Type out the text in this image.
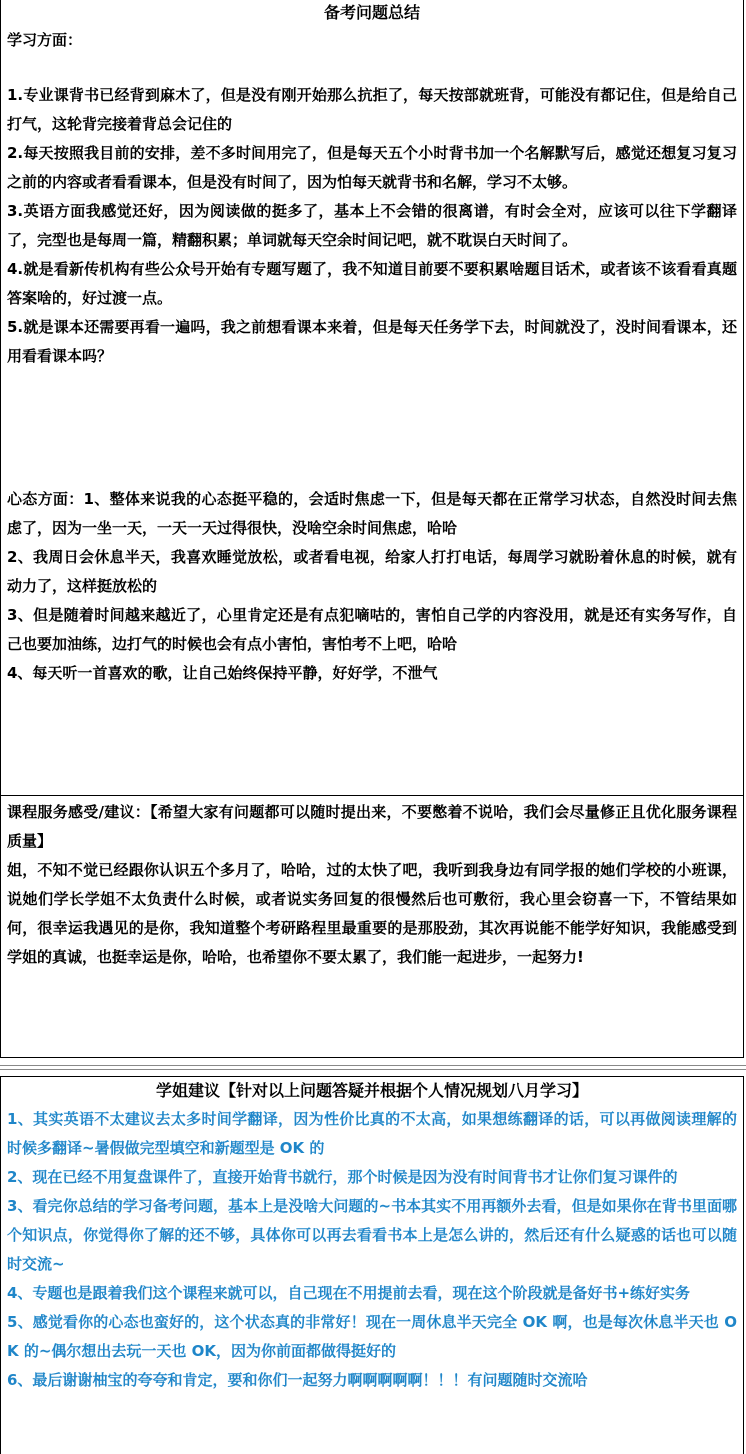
备考问题总结

学习方面：

1.专业课背书已经背到麻木了，但是没有刚开始那么抗拒了，每天按部就班背，可能没有都记住，但是给自己打气，这轮背完接着背总会记住的

2.每天按照我目前的安排，差不多时间用完了，但是每天五个小时背书加一个名解默写后，感觉还想复习复习之前的内容或者看看课本，但是没有时间了，因为怕每天就背书和名解，学习不太够。

3.英语方面我感觉还好，因为阅读做的挺多了，基本上不会错的很离谱，有时会全对，应该可以往下学翻译了，完型也是每周一篇，精翻积累；单词就每天空余时间记吧，就不耽误白天时间了。

4.就是看新传机构有些公众号开始有专题写题了，我不知道目前要不要积累啥题目话术，或者该不该看看真题答案啥的，好过渡一点。

5.就是课本还需要再看一遍吗，我之前想看课本来着，但是每天任务学下去，时间就没了，没时间看课本，还用看看课本吗？

心态方面：1、整体来说我的心态挺平稳的，会适时焦虑一下，但是每天都在正常学习状态，自然没时间去焦虑了，因为一坐一天，一天一天过得很快，没啥空余时间焦虑，哈哈

2、我周日会休息半天，我喜欢睡觉放松，或者看电视，给家人打打电话，每周学习就盼着休息的时候，就有动力了，这样挺放松的

3、但是随着时间越来越近了，心里肯定还是有点犯嘀咕的，害怕自己学的内容没用，就是还有实务写作，自己也要加油练，边打气的时候也会有点小害怕，害怕考不上吧，哈哈

4、每天听一首喜欢的歌，让自己始终保持平静，好好学，不泄气

课程服务感受/建议：【希望大家有问题都可以随时提出来，不要憋着不说哈，我们会尽量修正且优化服务课程质量】

姐，不知不觉已经跟你认识五个多月了，哈哈，过的太快了吧，我听到我身边有同学报的她们学校的小班课，说她们学长学姐不太负责什么时候，或者说实务回复的很慢然后也可敷衍，我心里会窃喜一下，不管结果如何，很幸运我遇见的是你，我知道整个考研路程里最重要的是那股劲，其次再说能不能学好知识，我能感受到学姐的真诚，也挺幸运是你，哈哈，也希望你不要太累了，我们能一起进步，一起努力!

学姐建议【针对以上问题答疑并根据个人情况规划八月学习】

1、其实英语不太建议去太多时间学翻译，因为性价比真的不太高，如果想练翻译的话，可以再做阅读理解的时候多翻译~暑假做完型填空和新题型是 OK 的

2、现在已经不用复盘课件了，直接开始背书就行，那个时候是因为没有时间背书才让你们复习课件的

3、看完你总结的学习备考问题，基本上是没啥大问题的~书本其实不用再额外去看，但是如果你在背书里面哪个知识点，你觉得你了解的还不够，具体你可以再去看看书本上是怎么讲的，然后还有什么疑惑的话也可以随时交流~

4、专题也是跟着我们这个课程来就可以，自己现在不用提前去看，现在这个阶段就是备好书+练好实务

5、感觉看你的心态也蛮好的，这个状态真的非常好！现在一周休息半天完全 OK 啊，也是每次休息半天也 OK 的~偶尔想出去玩一天也 OK，因为你前面都做得挺好的

6、最后谢谢柚宝的夸夸和肯定，要和你们一起努力啊啊啊啊啊！！！有问题随时交流哈
